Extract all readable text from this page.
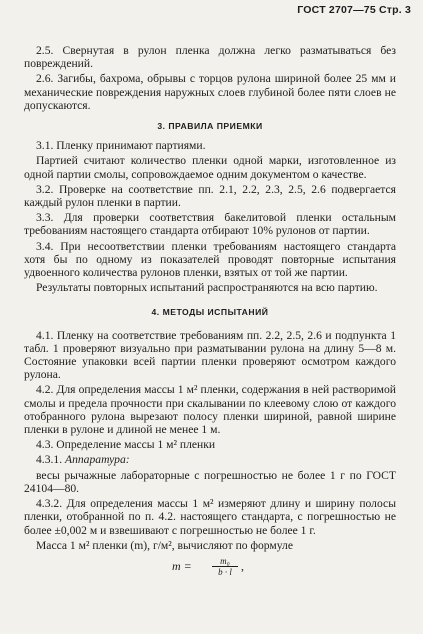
ГОСТ 2707—75 Стр. 3

2.5. Свернутая в рулон пленка должна легко разматываться без повреждений.

2.6. Загибы, бахрома, обрывы с торцов рулона шириной более 25 мм и механические повреждения наружных слоев глубиной более пяти слоев не допускаются.

3. ПРАВИЛА ПРИЕМКИ

3.1. Пленку принимают партиями.

Партией считают количество пленки одной марки, изготовленное из одной партии смолы, сопровождаемое одним документом о качестве.

3.2. Проверке на соответствие пп. 2.1, 2.2, 2.3, 2.5, 2.6 подвергается каждый рулон пленки в партии.

3.3. Для проверки соответствия бакелитовой пленки остальным требованиям настоящего стандарта отбирают 10% рулонов от партии.

3.4. При несоответствии пленки требованиям настоящего стандарта хотя бы по одному из показателей проводят повторные испытания удвоенного количества рулонов пленки, взятых от той же партии.

Результаты повторных испытаний распространяются на всю партию.

4. МЕТОДЫ ИСПЫТАНИЙ

4.1. Пленку на соответствие требованиям пп. 2.2, 2.5, 2.6 и подпункта 1 табл. 1 проверяют визуально при разматывании рулона на длину 5—8 м. Состояние упаковки всей партии пленки проверяют осмотром каждого рулона.

4.2. Для определения массы 1 м² пленки, содержания в ней растворимой смолы и предела прочности при скалывании по клеевому слою от каждого отобранного рулона вырезают полосу пленки шириной, равной ширине пленки в рулоне и длиной не менее 1 м.

4.3. Определение массы 1 м² пленки

4.3.1. Аппаратура:

весы рычажные лабораторные с погрешностью не более 1 г по ГОСТ 24104—80.

4.3.2. Для определения массы 1 м² измеряют длину и ширину полосы пленки, отобранной по п. 4.2. настоящего стандарта, с погрешностью не более ±0,002 м и взвешивают с погрешностью не более 1 г.

Масса 1 м² пленки (m), г/м², вычисляют по формуле

$m = \frac{\text{m₀}}{b \cdot l}$ ,
